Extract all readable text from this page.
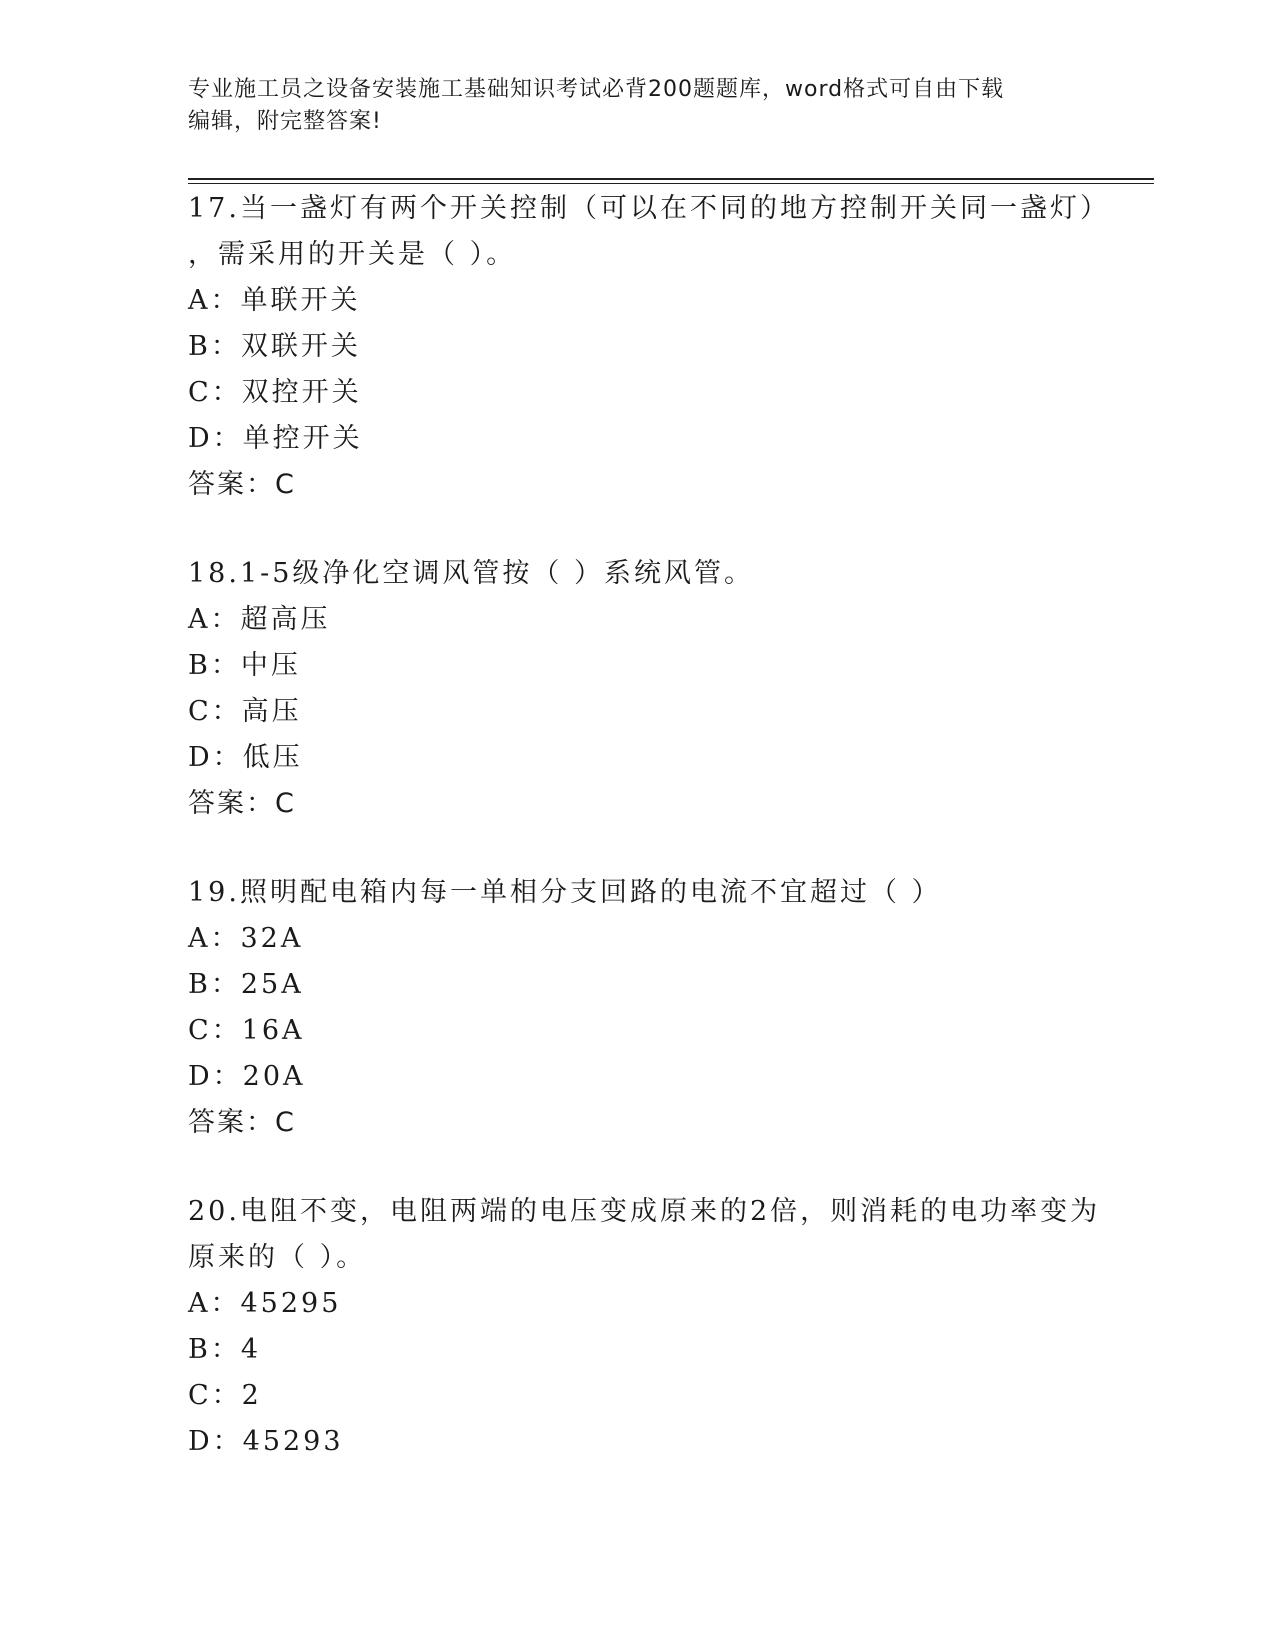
专业施工员之设备安装施工基础知识考试必背200题题库，word格式可自由下载
编辑，附完整答案!
17.当一盏灯有两个开关控制（可以在不同的地方控制开关同一盏灯）
，需采用的开关是（ ）。
A：单联开关
B：双联开关
C：双控开关
D：单控开关
答案：C
18.1-5级净化空调风管按（ ）系统风管。
A：超高压
B：中压
C：高压
D：低压
答案：C
19.照明配电箱内每一单相分支回路的电流不宜超过（ ）
A：32A
B：25A
C：16A
D：20A
答案：C
20.电阻不变，电阻两端的电压变成原来的2倍，则消耗的电功率变为
原来的（ ）。
A：45295
B：4
C：2
D：45293
